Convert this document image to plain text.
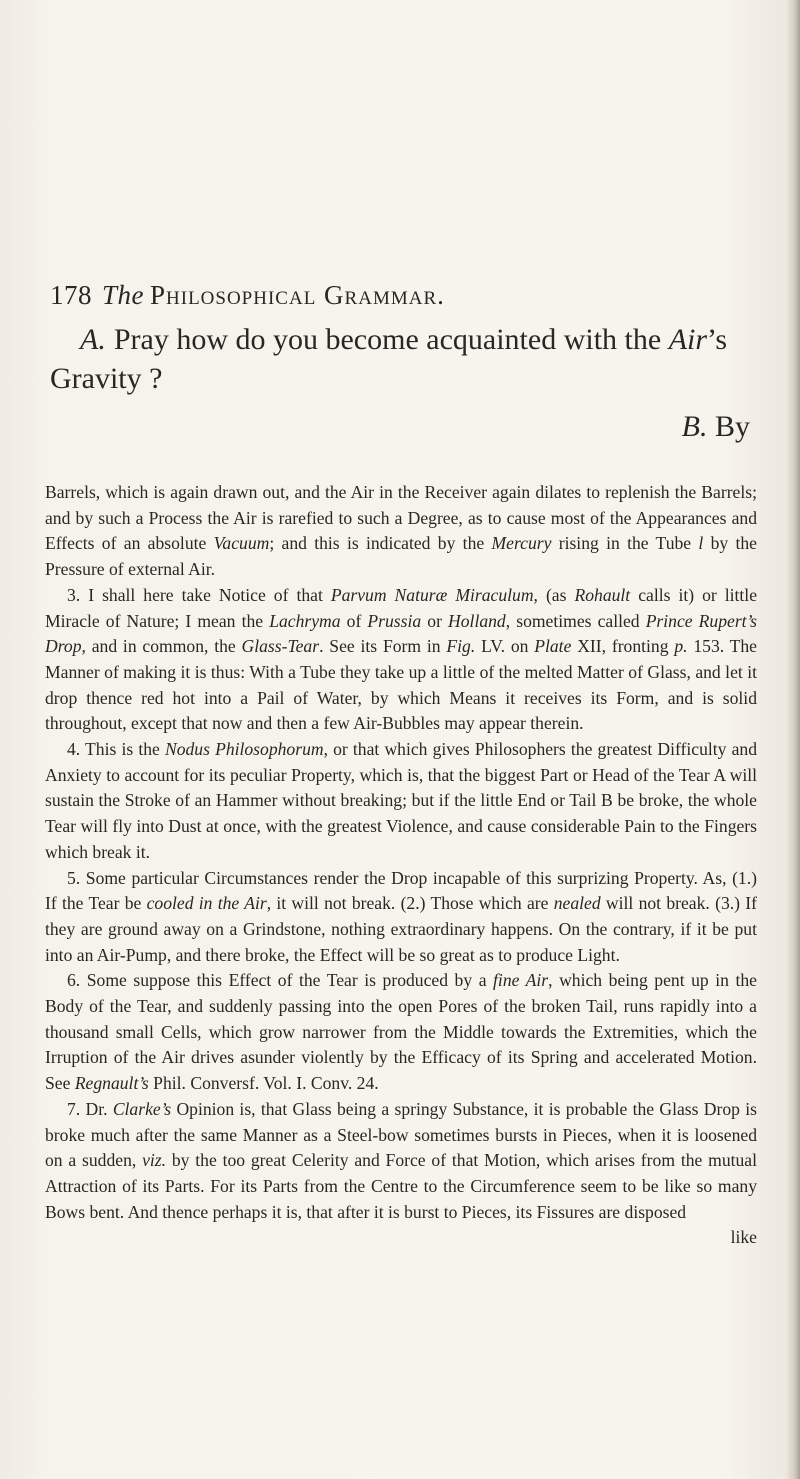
178 The Philosophical Grammar.
A. Pray how do you become acquainted with the Air’s Gravity ?
B. By

Barrels, which is again drawn out, and the Air in the Receiver again dilates to replenish the Barrels; and by such a Process the Air is rarefied to such a Degree, as to cause most of the Appearances and Effects of an absolute Vacuum; and this is indicated by the Mercury rising in the Tube l by the Pressure of external Air.

3. I shall here take Notice of that Parvum Naturæ Miraculum, (as Rohault calls it) or little Miracle of Nature; I mean the Lachryma of Prussia or Holland, sometimes called Prince Rupert’s Drop, and in common, the Glass-Tear. See its Form in Fig. LV. on Plate XII, fronting p. 153. The Manner of making it is thus: With a Tube they take up a little of the melted Matter of Glass, and let it drop thence red hot into a Pail of Water, by which Means it receives its Form, and is solid throughout, except that now and then a few Air-Bubbles may appear therein.

4. This is the Nodus Philosophorum, or that which gives Philosophers the greatest Difficulty and Anxiety to account for its peculiar Property, which is, that the biggest Part or Head of the Tear A will sustain the Stroke of an Hammer without breaking; but if the little End or Tail B be broke, the whole Tear will fly into Dust at once, with the greatest Violence, and cause considerable Pain to the Fingers which break it.

5. Some particular Circumstances render the Drop incapable of this surprizing Property. As, (1.) If the Tear be cooled in the Air, it will not break. (2.) Those which are nealed will not break. (3.) If they are ground away on a Grindstone, nothing extraordinary happens. On the contrary, if it be put into an Air-Pump, and there broke, the Effect will be so great as to produce Light.

6. Some suppose this Effect of the Tear is produced by a fine Air, which being pent up in the Body of the Tear, and suddenly passing into the open Pores of the broken Tail, runs rapidly into a thousand small Cells, which grow narrower from the Middle towards the Extremities, which the Irruption of the Air drives asunder violently by the Efficacy of its Spring and accelerated Motion. See Regnault’s Phil. Conversf. Vol. I. Conv. 24.

7. Dr. Clarke’s Opinion is, that Glass being a springy Substance, it is probable the Glass Drop is broke much after the same Manner as a Steel-bow sometimes bursts in Pieces, when it is loosened on a sudden, viz. by the too great Celerity and Force of that Motion, which arises from the mutual Attraction of its Parts. For its Parts from the Centre to the Circumference seem to be like so many Bows bent. And thence perhaps it is, that after it is burst to Pieces, its Fissures are disposed

like
